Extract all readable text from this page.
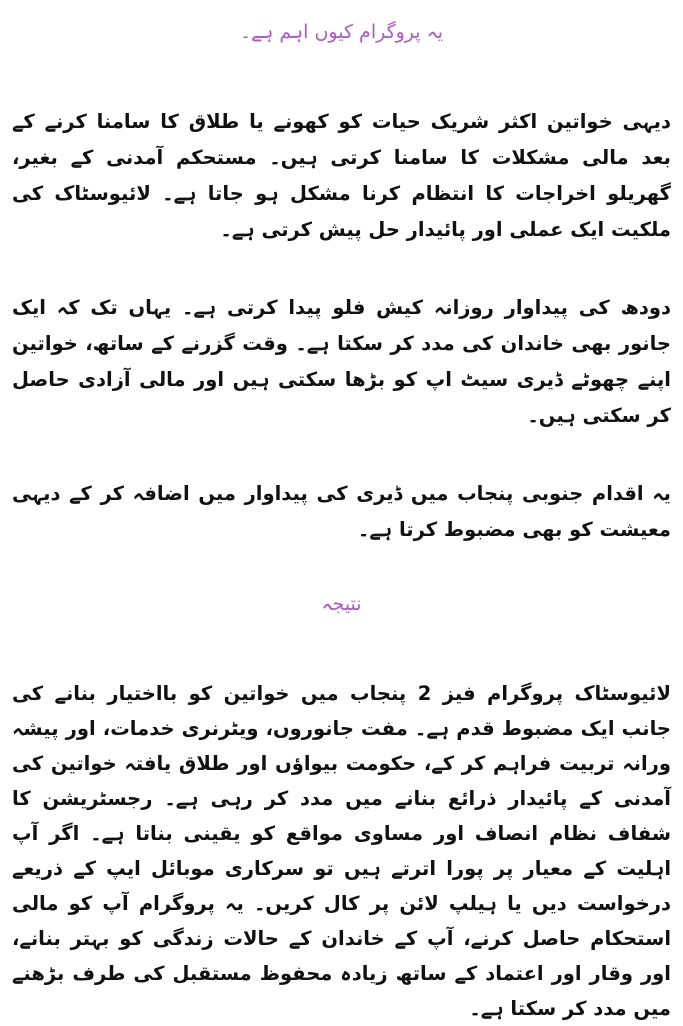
یہ پروگرام کیوں اہم ہے۔

دیہی خواتین اکثر شریک حیات کو کھونے یا طلاق کا سامنا کرنے کے بعد مالی مشکلات کا سامنا کرتی ہیں۔ مستحکم آمدنی کے بغیر، گھریلو اخراجات کا انتظام کرنا مشکل ہو جاتا ہے۔ لائیوسٹاک کی ملکیت ایک عملی اور پائیدار حل پیش کرتی ہے۔

دودھ کی پیداوار روزانہ کیش فلو پیدا کرتی ہے۔ یہاں تک کہ ایک جانور بھی خاندان کی مدد کر سکتا ہے۔ وقت گزرنے کے ساتھ، خواتین اپنے چھوٹے ڈیری سیٹ اپ کو بڑھا سکتی ہیں اور مالی آزادی حاصل کر سکتی ہیں۔

یہ اقدام جنوبی پنجاب میں ڈیری کی پیداوار میں اضافہ کر کے دیہی معیشت کو بھی مضبوط کرتا ہے۔

نتیجہ

لائیوسٹاک پروگرام فیز 2 پنجاب میں خواتین کو بااختیار بنانے کی جانب ایک مضبوط قدم ہے۔ مفت جانوروں، ویٹرنری خدمات، اور پیشہ ورانہ تربیت فراہم کر کے، حکومت بیواؤں اور طلاق یافتہ خواتین کی آمدنی کے پائیدار ذرائع بنانے میں مدد کر رہی ہے۔ رجسٹریشن کا شفاف نظام انصاف اور مساوی مواقع کو یقینی بناتا ہے۔ اگر آپ اہلیت کے معیار پر پورا اترتے ہیں تو سرکاری موبائل ایپ کے ذریعے درخواست دیں یا ہیلپ لائن پر کال کریں۔ یہ پروگرام آپ کو مالی استحکام حاصل کرنے، آپ کے خاندان کے حالات زندگی کو بہتر بنانے، اور وقار اور اعتماد کے ساتھ زیادہ محفوظ مستقبل کی طرف بڑھنے میں مدد کر سکتا ہے۔
